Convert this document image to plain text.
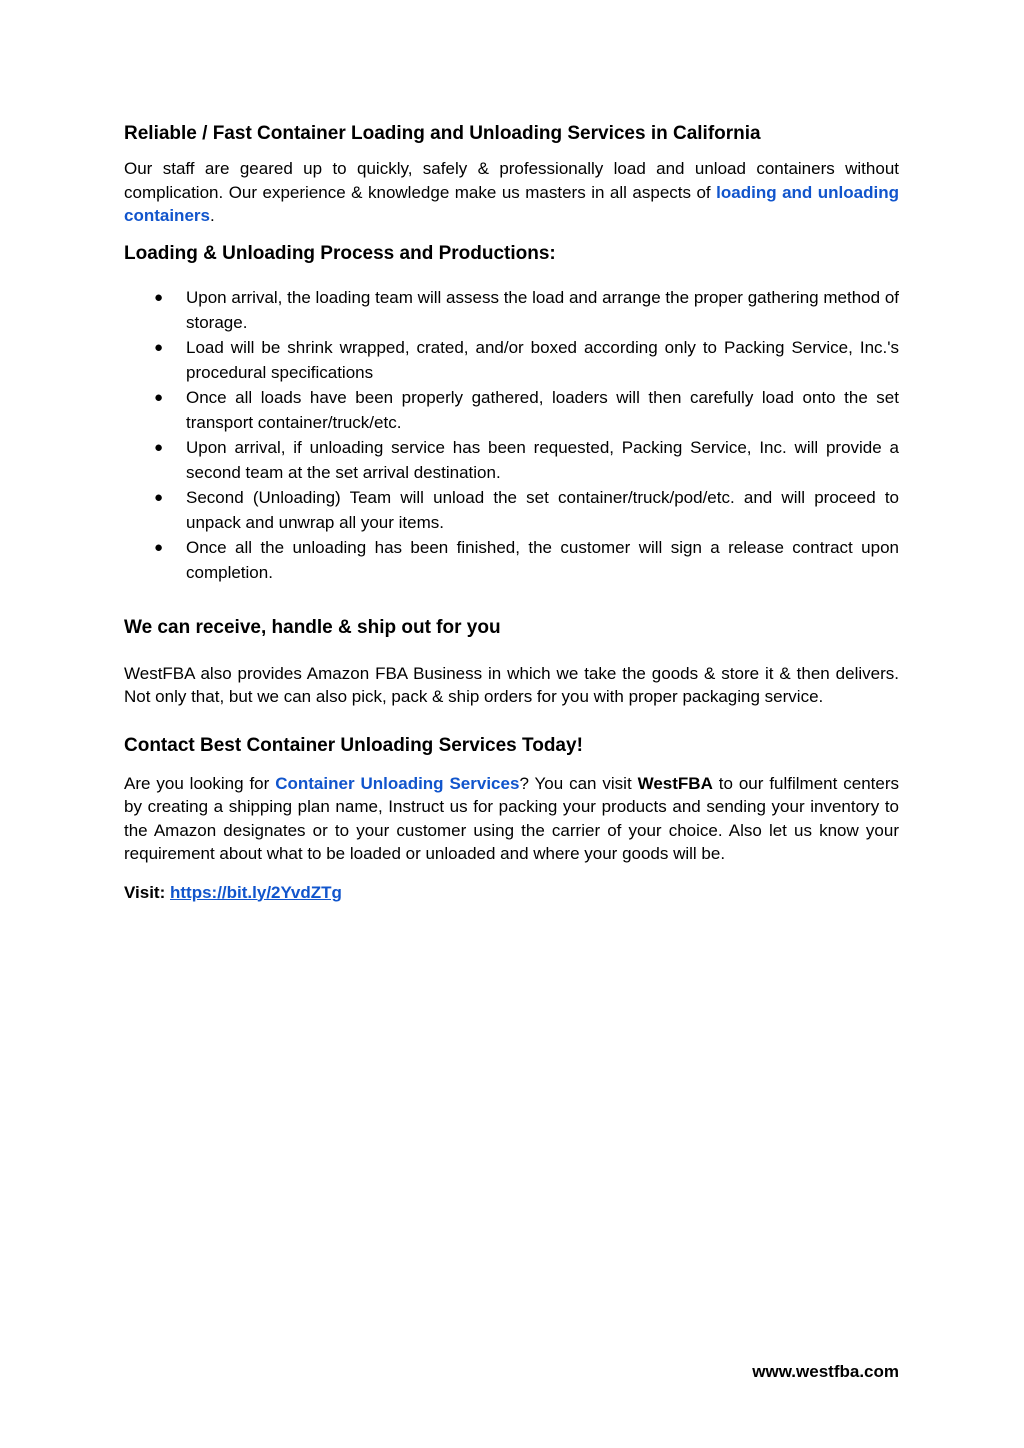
Reliable / Fast Container Loading and Unloading Services in California

Our staff are geared up to quickly, safely & professionally load and unload containers without complication. Our experience & knowledge make us masters in all aspects of loading and unloading containers.

Loading & Unloading Process and Productions:
● Upon arrival, the loading team will assess the load and arrange the proper gathering method of storage.
● Load will be shrink wrapped, crated, and/or boxed according only to Packing Service, Inc.'s procedural specifications
● Once all loads have been properly gathered, loaders will then carefully load onto the set transport container/truck/etc.
● Upon arrival, if unloading service has been requested, Packing Service, Inc. will provide a second team at the set arrival destination.
● Second (Unloading) Team will unload the set container/truck/pod/etc. and will proceed to unpack and unwrap all your items.
● Once all the unloading has been finished, the customer will sign a release contract upon completion.
We can receive, handle & ship out for you

WestFBA also provides Amazon FBA Business in which we take the goods & store it & then delivers. Not only that, but we can also pick, pack & ship orders for you with proper packaging service.

Contact Best Container Unloading Services Today!

Are you looking for Container Unloading Services? You can visit WestFBA to our fulfilment centers by creating a shipping plan name, Instruct us for packing your products and sending your inventory to the Amazon designates or to your customer using the carrier of your choice. Also let us know your requirement about what to be loaded or unloaded and where your goods will be.

Visit: https://bit.ly/2YvdZTg

www.westfba.com
